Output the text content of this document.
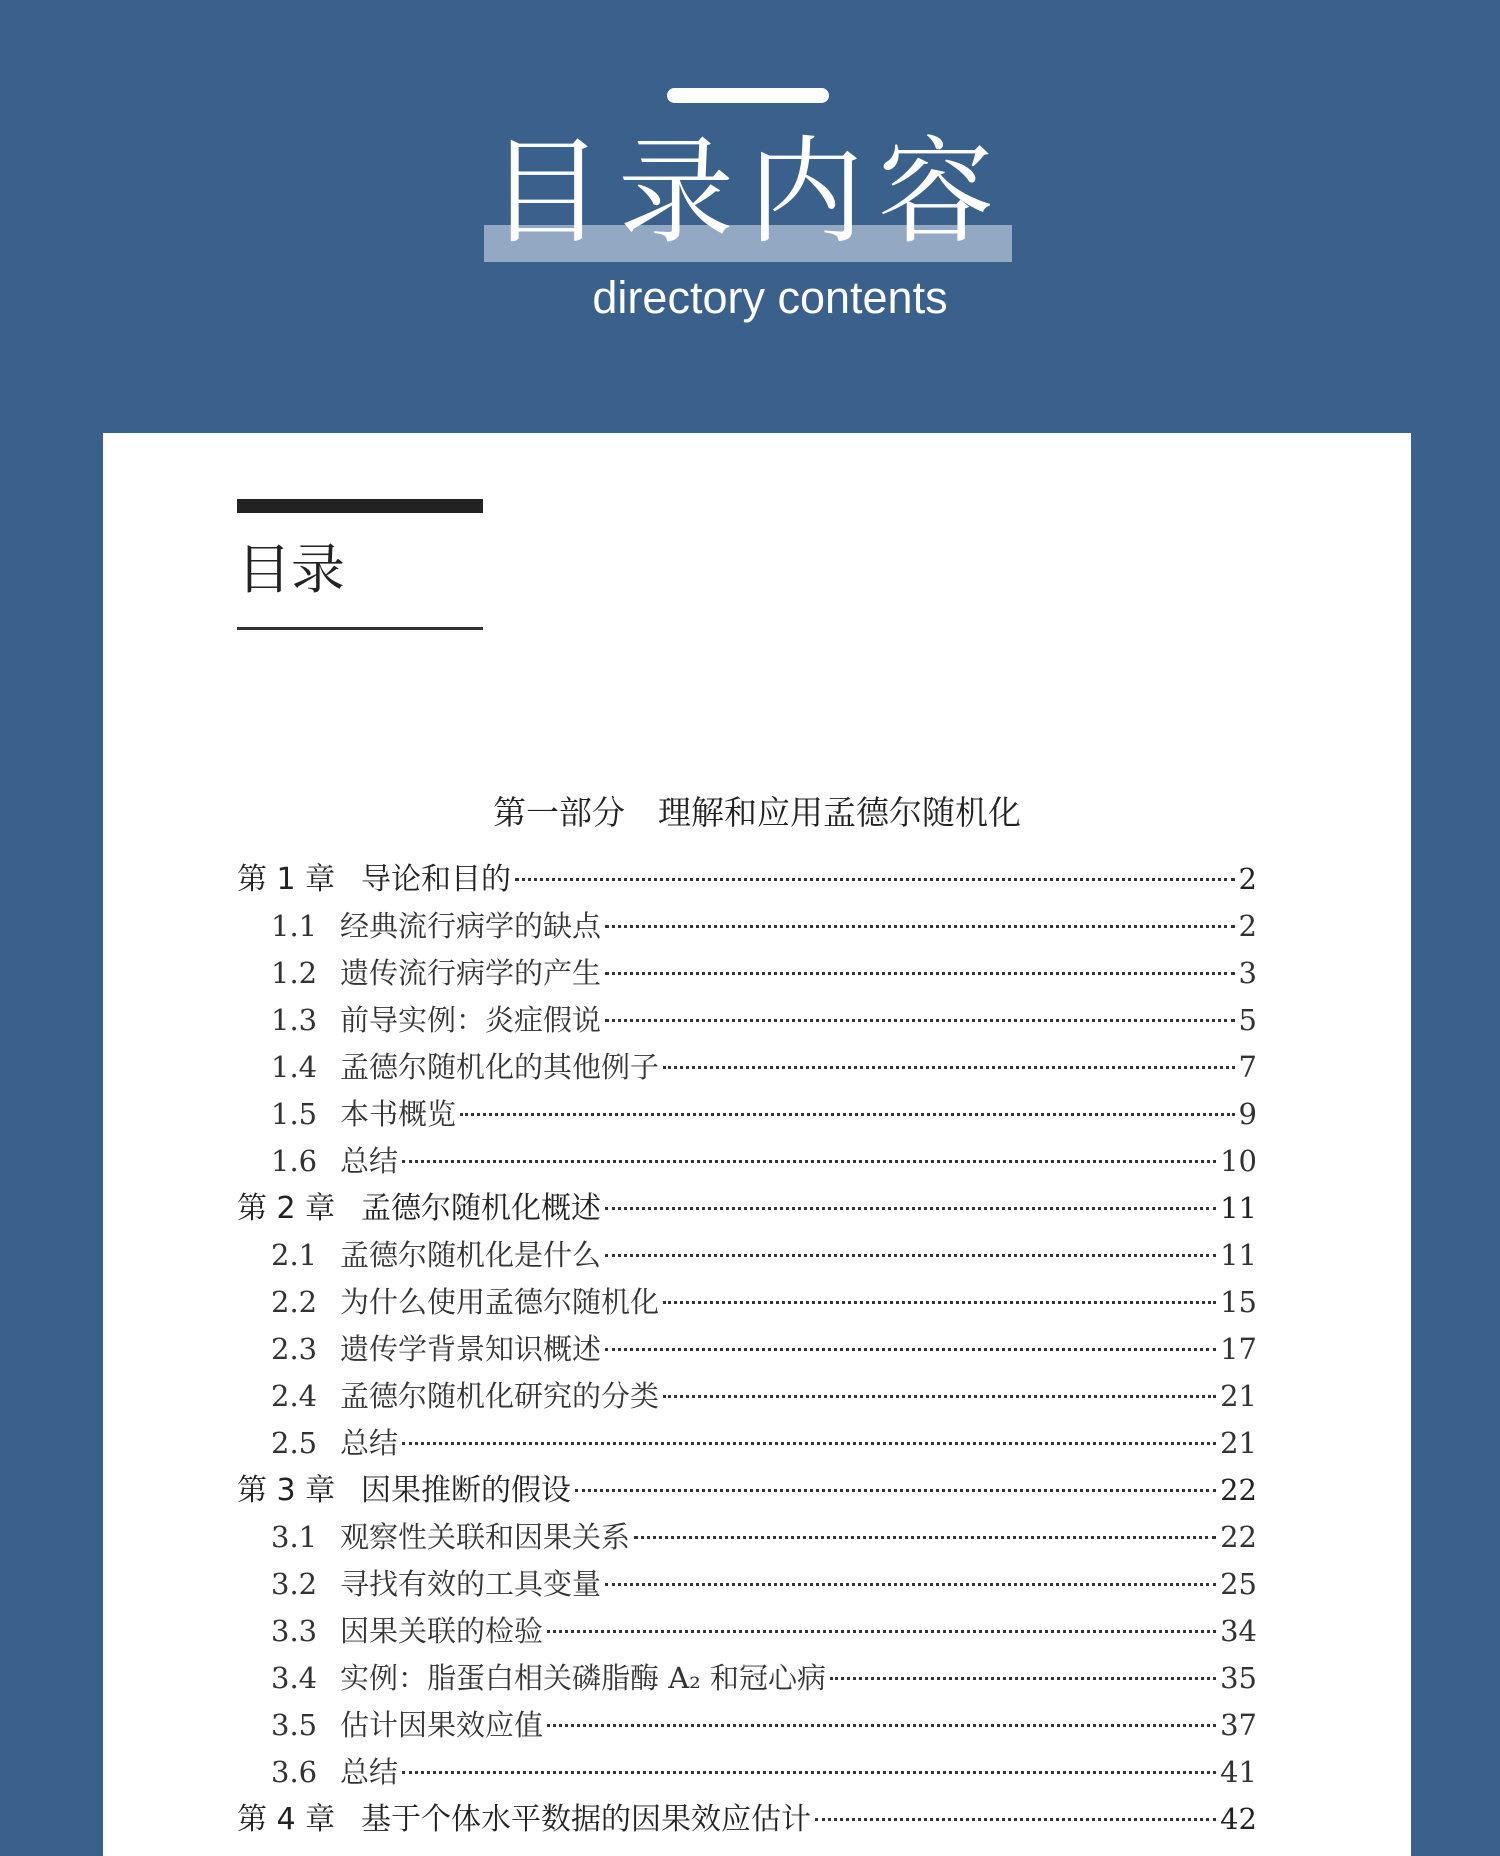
目录内容
directory contents
目录
第一部分　理解和应用孟德尔随机化
第 1 章 导论和目的	2
1.1 经典流行病学的缺点	2
1.2 遗传流行病学的产生	3
1.3 前导实例：炎症假说	5
1.4 孟德尔随机化的其他例子	7
1.5 本书概览	9
1.6 总结	10
第 2 章 孟德尔随机化概述	11
2.1 孟德尔随机化是什么	11
2.2 为什么使用孟德尔随机化	15
2.3 遗传学背景知识概述	17
2.4 孟德尔随机化研究的分类	21
2.5 总结	21
第 3 章 因果推断的假设	22
3.1 观察性关联和因果关系	22
3.2 寻找有效的工具变量	25
3.3 因果关联的检验	34
3.4 实例：脂蛋白相关磷脂酶 A₂ 和冠心病	35
3.5 估计因果效应值	37
3.6 总结	41
第 4 章 基于个体水平数据的因果效应估计	42
